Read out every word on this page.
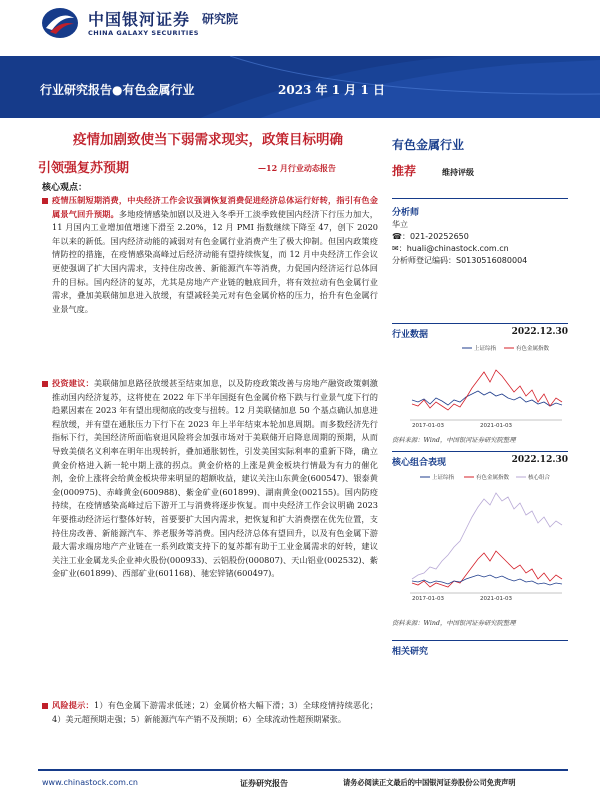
中国银河证券
CHINA GALAXY SECURITIES
研究院
行业研究报告●有色金属行业	2023 年 1 月 1 日
疫情加剧致使当下弱需求现实，政策目标明确
引领强复苏预期	—12 月行业动态报告
核心观点：
疫情压制短期消费，中央经济工作会议强调恢复消费促进经济总体运行好转，指引有色金属景气回升预期。多地疫情感染加剧以及进入冬季开工淡季致使国内经济下行压力加大，11 月国内工业增加值增速下滑至 2.20%，12 月 PMI 指数继续下降至 47，创下 2020 年以来的新低。国内经济动能的减弱对有色金属行业消费产生了极大抑制。但国内政策疫情防控的措施，在疫情感染高峰过后经济动能有望持续恢复，而 12 月中央经济工作会议更使强调了扩大国内需求，支持住房改善、新能源汽车等消费，力促国内经济运行总体回升的目标。国内经济的复苏，尤其是房地产产业链的触底回升，将有效拉动有色金属行业需求，叠加美联储加息进入放缓，有望减轻美元对有色金属价格的压力，抬升有色金属行业景气度。
投资建议：美联储加息路径放缓甚至结束加息，以及防疫政策改善与房地产融资政策刺激推动国内经济复苏，这将使在 2022 年下半年国挺有色金属价格下跌与行业景气度下行的趋累因素在 2023 年有望出现彻底的改变与扭转。12 月美联储加息 50 个基点确认加息进程放缓，并有望在通胀压力下行下在 2023 年上半年结束本轮加息周期。而多数经济先行指标下行，美国经济所面临衰退风险将会加强市场对于美联储开启降息周期的预期，从而导致美债名义利率在明年出现转折，叠加通胀韧性，引发美国实际利率的重新下降，确立黄金价格进入新一轮中期上涨的拐点。黄金价格的上涨是黄金板块行情最为有力的催化剂，金价上涨将会给黄金板块带来明显的超额收益，建议关注山东黄金(600547)、银泰黄金(000975)、赤峰黄金(600988)、紫金矿业(601899)、湖南黄金(002155)。国内防疫持续，在疫情感染高峰过后下游开工与消费将逐步恢复。而中央经济工作会议明确 2023 年要推动经济运行整体好转，首要要扩大国内需求，把恢复和扩大消费摆在优先位置，支持住房改善、新能源汽车、养老服务等消费。国内经济总体有望回升，以及有色金属下游最大需求端房地产产业链在一系列政策支持下的复苏都有助于工业金属需求的好转，建议关注工业金属龙头企业神火股份(000933)、云铝股份(000807)、天山铝业(002532)、紫金矿业(601899)、西部矿业(601168)、驰宏锌锗(600497)。
风险提示：1）有色金属下游需求低迷；2）金属价格大幅下滑；3）全球疫情持续恶化；4）美元超预期走强；5）新能源汽车产销不及预期；6）全球流动性超预期紧张。
有色金属行业
推荐	维持评级
分析师
华立
☎：021-20252650
✉：huali@chinastock.com.cn
分析师登记编码：S0130516080004
行业数据	2022.12.30
上证综指	有色金属指数
2017-01-03	2021-01-03
资料来源：Wind，中国银河证券研究院整理
核心组合表现	2022.12.30
上证综指	有色金属指数	核心组合
2017-01-03	2021-01-03
资料来源：Wind，中国银河证券研究院整理
相关研究
www.chinastock.com.cn	证券研究报告	请务必阅读正文最后的中国银河证券股份公司免责声明
